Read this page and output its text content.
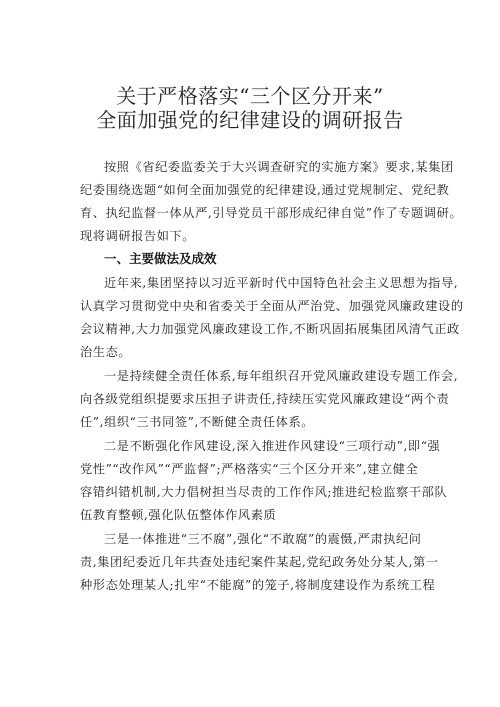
关于严格落实“三个区分开来”
全面加强党的纪律建设的调研报告
按照《省纪委监委关于大兴调查研究的实施方案》要求,某集团
纪委围绕选题“如何全面加强党的纪律建设,通过党规制定、党纪教
育、执纪监督一体从严,引导党员干部形成纪律自觉”作了专题调研。
现将调研报告如下。
一、主要做法及成效
近年来,集团坚持以习近平新时代中国特色社会主义思想为指导,
认真学习贯彻党中央和省委关于全面从严治党、加强党风廉政建设的
会议精神,大力加强党风廉政建设工作,不断巩固拓展集团风清气正政
治生态。
一是持续健全责任体系,每年组织召开党风廉政建设专题工作会,
向各级党组织提要求压担子讲责任,持续压实党风廉政建设“两个责
任”,组织“三书同签”,不断健全责任体系。
二是不断强化作风建设,深入推进作风建设“三项行动”,即“强
党性”“改作风”“严监督”;严格落实“三个区分开来”,建立健全
容错纠错机制,大力倡树担当尽责的工作作风;推进纪检监察干部队
伍教育整顿,强化队伍整体作风素质
三是一体推进“三不腐”,强化“不敢腐”的震慑,严肃执纪问
责,集团纪委近几年共查处违纪案件某起,党纪政务处分某人,第一
种形态处理某人;扎牢“不能腐”的笼子,将制度建设作为系统工程
